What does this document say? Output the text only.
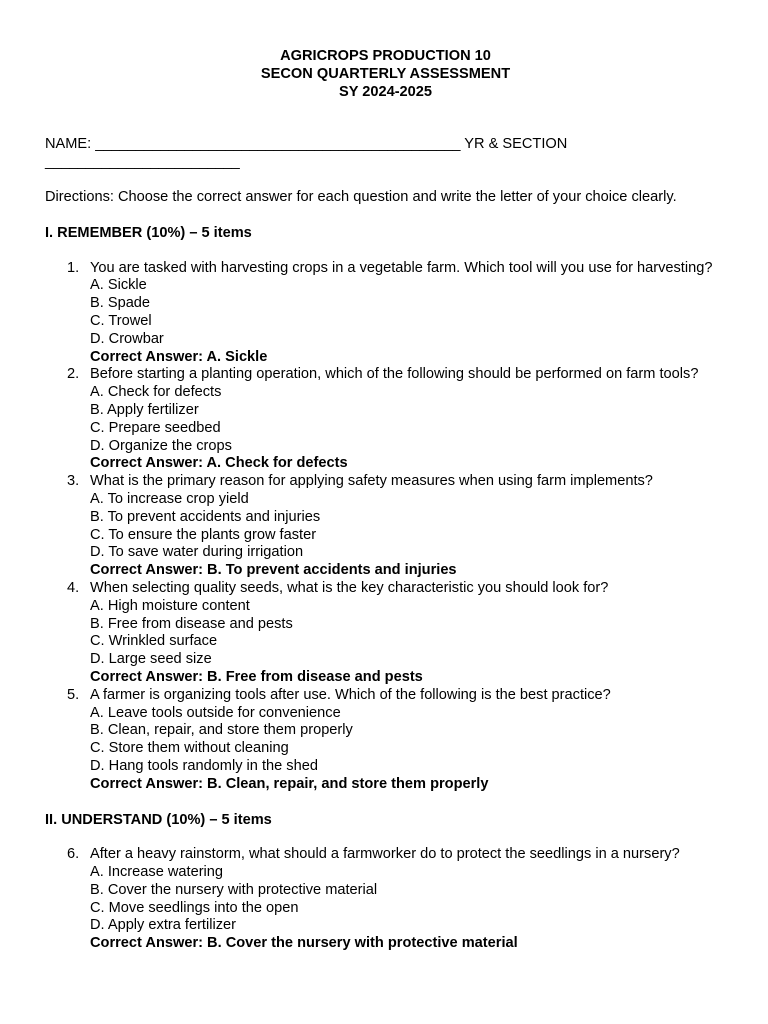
AGRICROPS PRODUCTION 10
SECON QUARTERLY ASSESSMENT
SY 2024-2025
NAME: _____________________________________________ YR & SECTION ________________________
Directions: Choose the correct answer for each question and write the letter of your choice clearly.
I. REMEMBER (10%) – 5 items
1. You are tasked with harvesting crops in a vegetable farm. Which tool will you use for harvesting?
A. Sickle
B. Spade
C. Trowel
D. Crowbar
Correct Answer: A. Sickle
2. Before starting a planting operation, which of the following should be performed on farm tools?
A. Check for defects
B. Apply fertilizer
C. Prepare seedbed
D. Organize the crops
Correct Answer: A. Check for defects
3. What is the primary reason for applying safety measures when using farm implements?
A. To increase crop yield
B. To prevent accidents and injuries
C. To ensure the plants grow faster
D. To save water during irrigation
Correct Answer: B. To prevent accidents and injuries
4. When selecting quality seeds, what is the key characteristic you should look for?
A. High moisture content
B. Free from disease and pests
C. Wrinkled surface
D. Large seed size
Correct Answer: B. Free from disease and pests
5. A farmer is organizing tools after use. Which of the following is the best practice?
A. Leave tools outside for convenience
B. Clean, repair, and store them properly
C. Store them without cleaning
D. Hang tools randomly in the shed
Correct Answer: B. Clean, repair, and store them properly
II. UNDERSTAND (10%) – 5 items
6. After a heavy rainstorm, what should a farmworker do to protect the seedlings in a nursery?
A. Increase watering
B. Cover the nursery with protective material
C. Move seedlings into the open
D. Apply extra fertilizer
Correct Answer: B. Cover the nursery with protective material
